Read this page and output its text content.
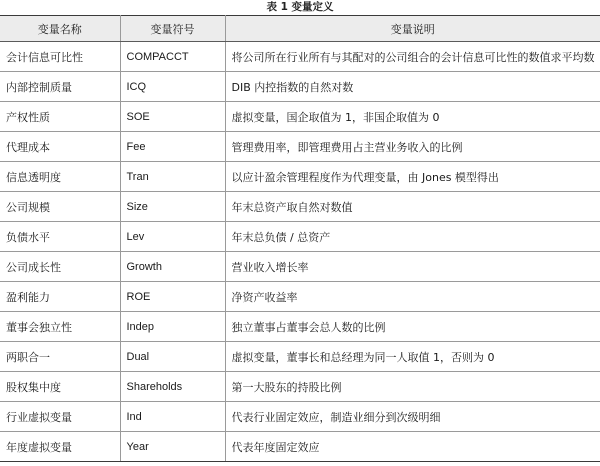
表 1 变量定义
变量名称	变量符号	变量说明
会计信息可比性	COMPACCT	将公司所在行业所有与其配对的公司组合的会计信息可比性的数值求平均数
内部控制质量	ICQ	DIB 内控指数的自然对数
产权性质	SOE	虚拟变量，国企取值为 1，非国企取值为 0
代理成本	Fee	管理费用率，即管理费用占主营业务收入的比例
信息透明度	Tran	以应计盈余管理程度作为代理变量，由 Jones 模型得出
公司规模	Size	年末总资产取自然对数值
负债水平	Lev	年末总负债 / 总资产
公司成长性	Growth	营业收入增长率
盈利能力	ROE	净资产收益率
董事会独立性	Indep	独立董事占董事会总人数的比例
两职合一	Dual	虚拟变量，董事长和总经理为同一人取值 1，否则为 0
股权集中度	Shareholds	第一大股东的持股比例
行业虚拟变量	Ind	代表行业固定效应，制造业细分到次级明细
年度虚拟变量	Year	代表年度固定效应
